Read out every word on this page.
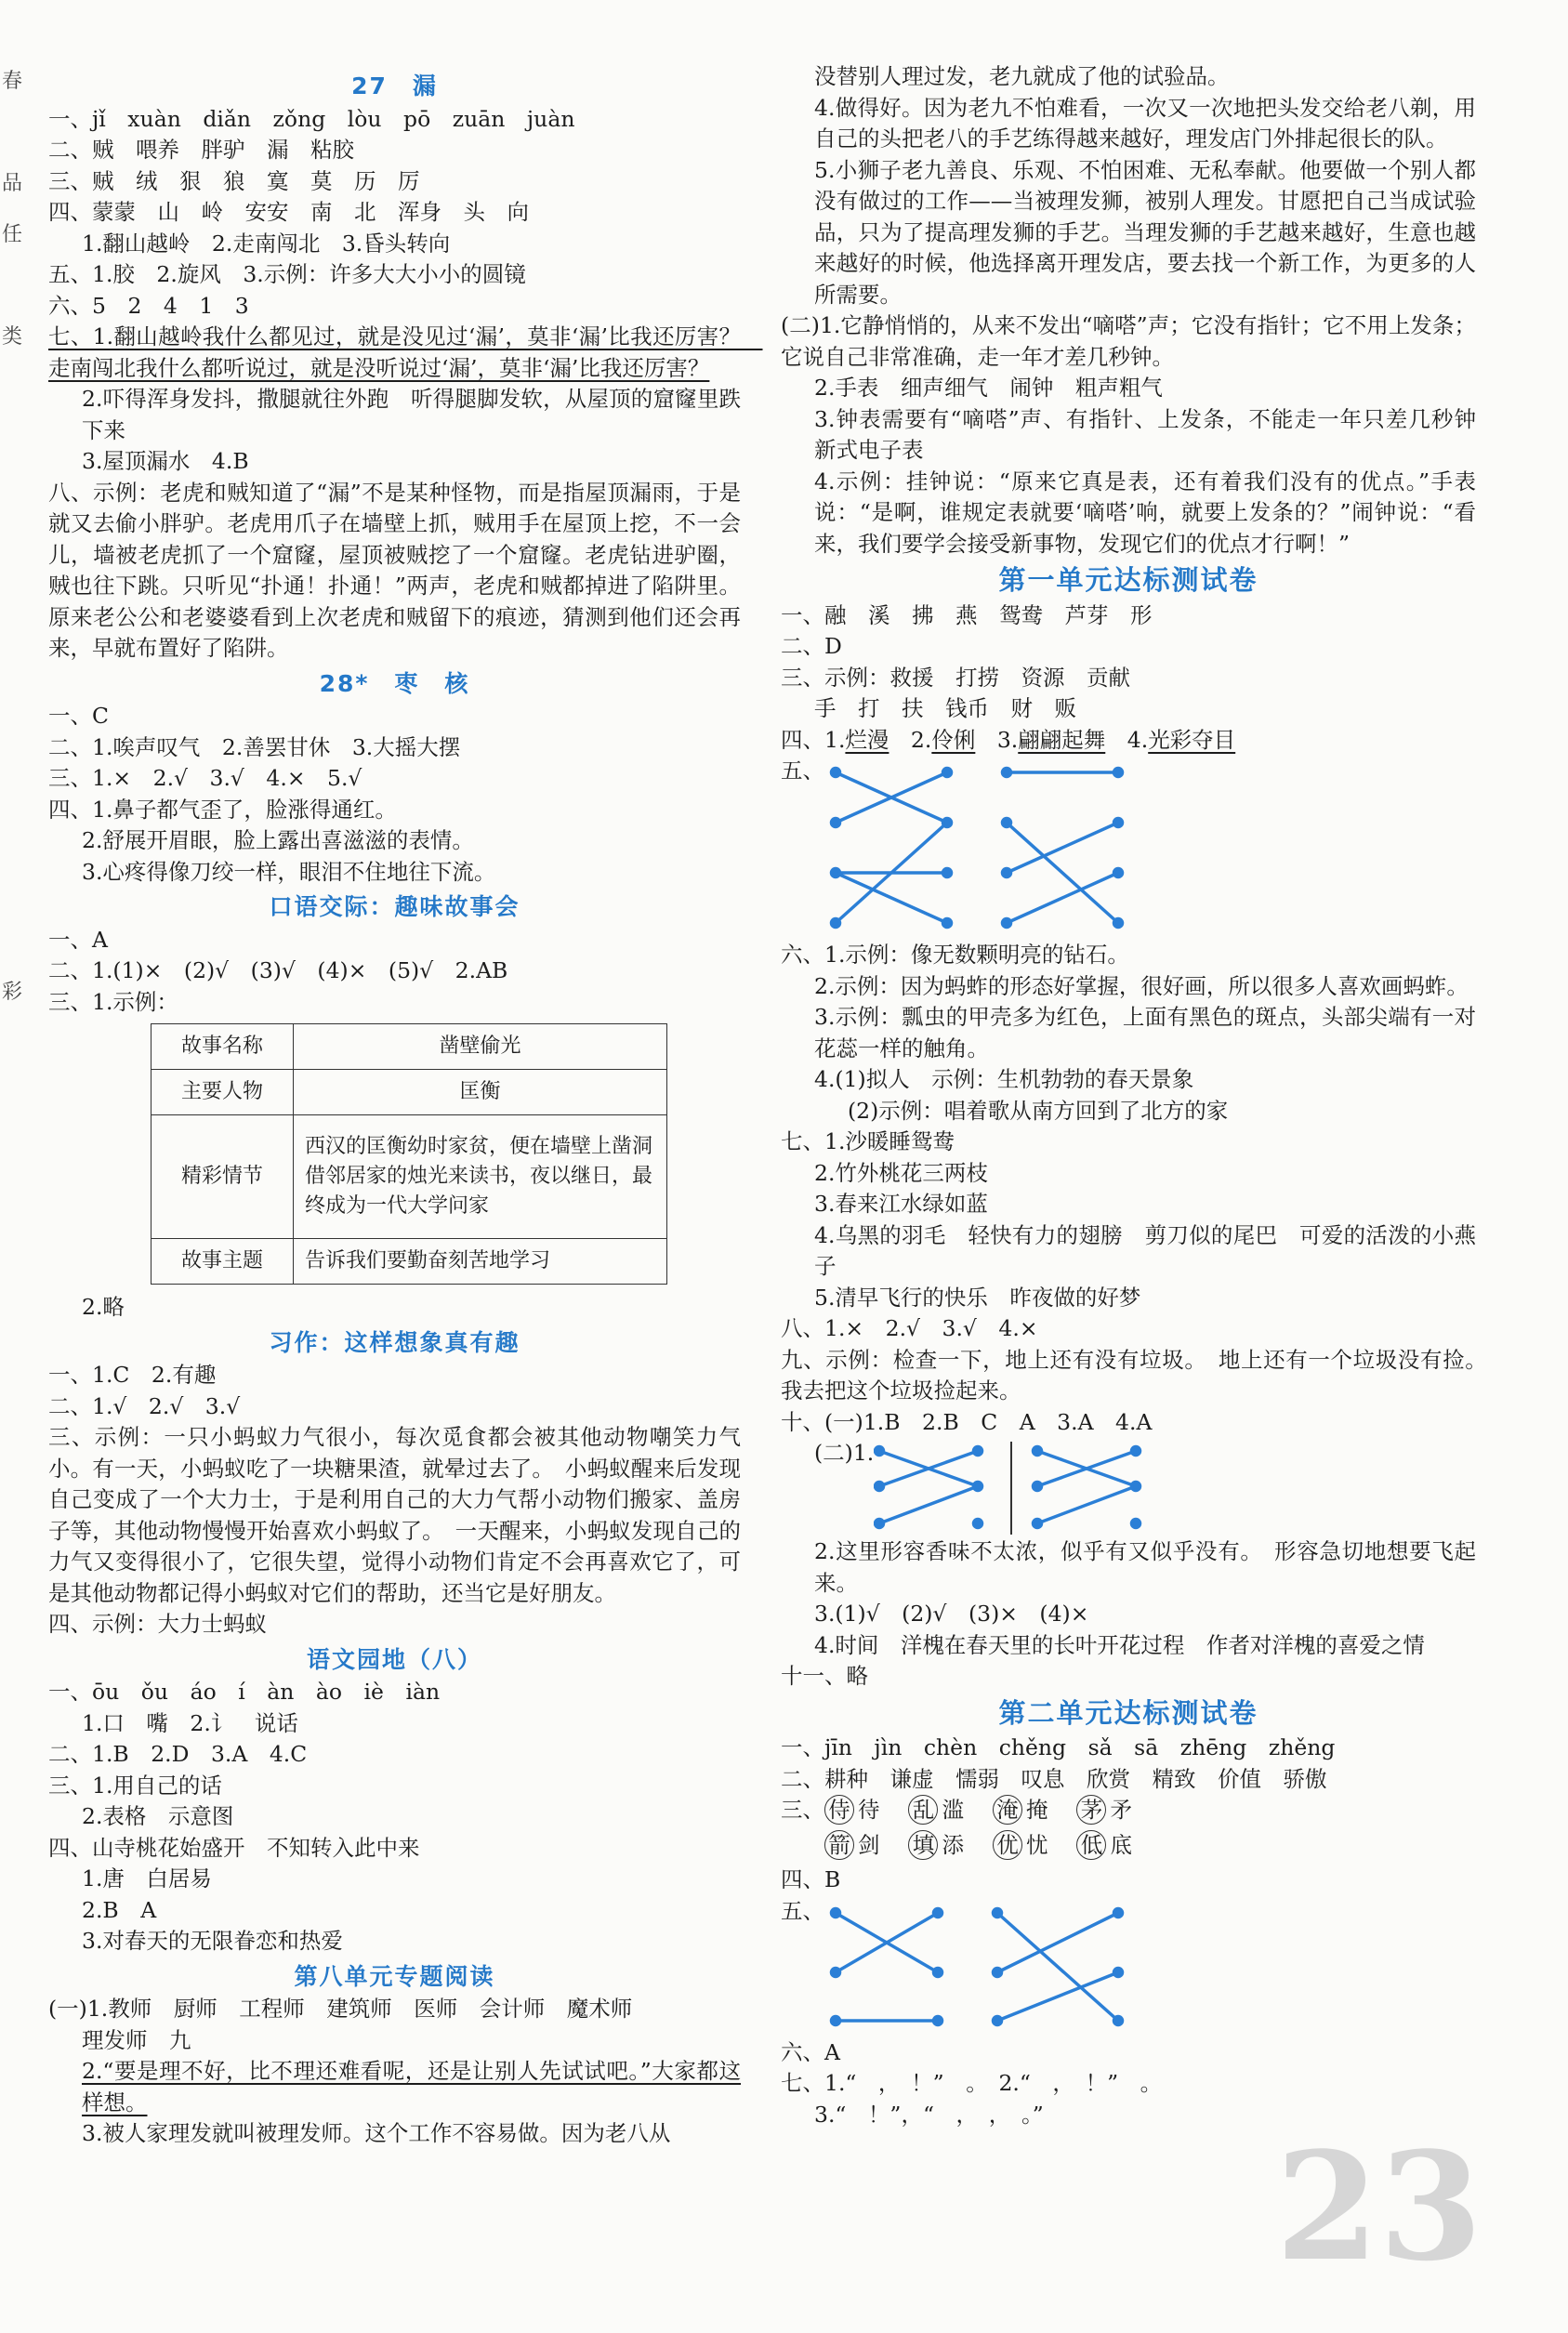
春
品
任
类
彩

27　漏

一、jǐ　xuàn　diǎn　zǒng　lòu　pō　zuān　juàn

二、贼　喂养　胖驴　漏　粘胶

三、贼　绒　狠　狼　寞　莫　历　厉

四、蒙蒙　山　岭　安安　南　北　浑身　头　向

1.翻山越岭　2.走南闯北　3.昏头转向

五、1.胶　2.旋风　3.示例：许多大大小小的圆镜

六、5　2　4　1　3

七、1.翻山越岭我什么都见过，就是没见过‘漏’，莫非‘漏’比我还厉害？　走南闯北我什么都听说过，就是没听说过‘漏’，莫非‘漏’比我还厉害？

2.吓得浑身发抖，撒腿就往外跑　听得腿脚发软，从屋顶的窟窿里跌下来

3.屋顶漏水　4.B

八、示例：老虎和贼知道了“漏”不是某种怪物，而是指屋顶漏雨，于是就又去偷小胖驴。老虎用爪子在墙壁上抓，贼用手在屋顶上挖，不一会儿，墙被老虎抓了一个窟窿，屋顶被贼挖了一个窟窿。老虎钻进驴圈，贼也往下跳。只听见“扑通！扑通！”两声，老虎和贼都掉进了陷阱里。原来老公公和老婆婆看到上次老虎和贼留下的痕迹，猜测到他们还会再来，早就布置好了陷阱。

28*　枣　核

一、C

二、1.唉声叹气　2.善罢甘休　3.大摇大摆

三、1.×　2.√　3.√　4.×　5.√

四、1.鼻子都气歪了，脸涨得通红。

2.舒展开眉眼，脸上露出喜滋滋的表情。

3.心疼得像刀绞一样，眼泪不住地往下流。

口语交际：趣味故事会

一、A

二、1.(1)×　(2)√　(3)√　(4)×　(5)√　2.AB

三、1.示例：

故事名称	凿壁偷光
主要人物	匡衡
精彩情节	西汉的匡衡幼时家贫，便在墙壁上凿洞借邻居家的烛光来读书，夜以继日，最终成为一代大学问家
故事主题	告诉我们要勤奋刻苦地学习

2.略

习作：这样想象真有趣

一、1.C　2.有趣

二、1.√　2.√　3.√

三、示例：一只小蚂蚁力气很小，每次觅食都会被其他动物嘲笑力气小。有一天，小蚂蚁吃了一块糖果渣，就晕过去了。　小蚂蚁醒来后发现自己变成了一个大力士，于是利用自己的大力气帮小动物们搬家、盖房子等，其他动物慢慢开始喜欢小蚂蚁了。　一天醒来，小蚂蚁发现自己的力气又变得很小了，它很失望，觉得小动物们肯定不会再喜欢它了，可是其他动物都记得小蚂蚁对它们的帮助，还当它是好朋友。

四、示例：大力士蚂蚁

语文园地（八）

一、ōu　ǒu　áo　í　àn　ào　iè　iàn

1.口　嘴　2.讠　说话

二、1.B　2.D　3.A　4.C

三、1.用自己的话

2.表格　示意图

四、山寺桃花始盛开　不知转入此中来

1.唐　白居易

2.B　A

3.对春天的无限眷恋和热爱

第八单元专题阅读

(一)1.教师　厨师　工程师　建筑师　医师　会计师　魔术师

理发师　九

2.“要是理不好，比不理还难看呢，还是让别人先试试吧。”大家都这样想。

3.被人家理发就叫被理发师。这个工作不容易做。因为老八从

没替别人理过发，老九就成了他的试验品。

4.做得好。因为老九不怕难看，一次又一次地把头发交给老八剃，用自己的头把老八的手艺练得越来越好，理发店门外排起很长的队。

5.小狮子老九善良、乐观、不怕困难、无私奉献。他要做一个别人都没有做过的工作——当被理发狮，被别人理发。甘愿把自己当成试验品，只为了提高理发狮的手艺。当理发狮的手艺越来越好，生意也越来越好的时候，他选择离开理发店，要去找一个新工作，为更多的人所需要。

(二)1.它静悄悄的，从来不发出“嘀嗒”声；它没有指针；它不用上发条；它说自己非常准确，走一年才差几秒钟。

2.手表　细声细气　闹钟　粗声粗气

3.钟表需要有“嘀嗒”声、有指针、上发条，不能走一年只差几秒钟　新式电子表

4.示例：挂钟说：“原来它真是表，还有着我们没有的优点。”手表说：“是啊，谁规定表就要‘嘀嗒’响，就要上发条的？”闹钟说：“看来，我们要学会接受新事物，发现它们的优点才行啊！”

第一单元达标测试卷

一、融　溪　拂　燕　鸳鸯　芦芽　形

二、D

三、示例：救援　打捞　资源　贡献

手　打　扶　钱币　财　贩

四、1.烂漫　 2.伶俐　 3.翩翩起舞　 4.光彩夺目

五、

六、1.示例：像无数颗明亮的钻石。

2.示例：因为蚂蚱的形态好掌握，很好画，所以很多人喜欢画蚂蚱。

3.示例：瓢虫的甲壳多为红色，上面有黑色的斑点，头部尖端有一对花蕊一样的触角。

4.(1)拟人　示例：生机勃勃的春天景象

(2)示例：唱着歌从南方回到了北方的家

七、1.沙暖睡鸳鸯

2.竹外桃花三两枝

3.春来江水绿如蓝

4.乌黑的羽毛　轻快有力的翅膀　剪刀似的尾巴　可爱的活泼的小燕子

5.清早飞行的快乐　昨夜做的好梦

八、1.×　2.√　3.√　4.×

九、示例：检查一下，地上还有没有垃圾。　地上还有一个垃圾没有捡。　我去把这个垃圾捡起来。

十、(一)1.B　2.B　C　A　3.A　4.A

(二)1.

2.这里形容香味不太浓，似乎有又似乎没有。　形容急切地想要飞起来。

3.(1)√　(2)√　(3)×　(4)×

4.时间　洋槐在春天里的长叶开花过程　作者对洋槐的喜爱之情

十一、略

第二单元达标测试卷

一、jīn　jìn　chèn　chěng　sǎ　sā　zhēng　zhěng

二、耕种　谦虚　懦弱　叹息　欣赏　精致　价值　骄傲

三、 侍 待　 乱 滥　 淹 掩　 茅 矛

箭 剑　 填 添　 优 忧　 低 底

四、B

五、

六、A

七、1.“　，　！”　。　2.“　，　！”　。

3.“　！”，“　，　，　。”

23
